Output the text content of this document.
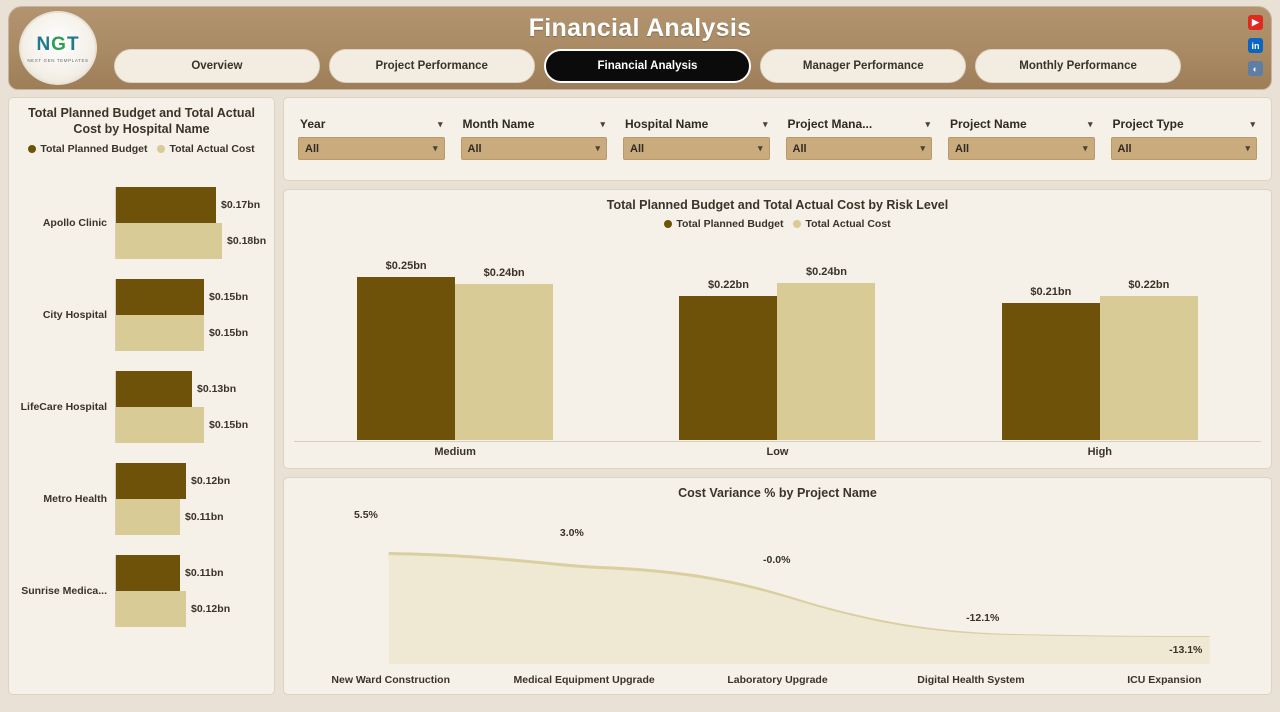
NGT
NEXT GEN TEMPLATES
Financial Analysis
Overview	Project Performance	Financial Analysis	Manager Performance	Monthly Performance
▶
in
◐
Total Planned Budget and Total Actual
Cost by Hospital Name
Total Planned Budget Total Actual Cost
Apollo Clinic
$0.17bn
$0.18bn
City Hospital
$0.15bn
$0.15bn
LifeCare Hospital
$0.13bn
$0.15bn
Metro Health
$0.12bn
$0.11bn
Sunrise Medica...
$0.11bn
$0.12bn
Year	▾
All	▾
Month Name	▾
All	▾
Hospital Name	▾
All	▾
Project Mana...	▾
All	▾
Project Name	▾
All	▾
Project Type	▾
All	▾
Total Planned Budget and Total Actual Cost by Risk Level
Total Planned Budget Total Actual Cost
$0.25bn
$0.24bn
$0.22bn
$0.24bn
$0.21bn
$0.22bn
Medium	Low	High
Cost Variance % by Project Name
5.5%
3.0%
-0.0%
-12.1%
-13.1%
New Ward Construction	Medical Equipment Upgrade	Laboratory Upgrade	Digital Health System	ICU Expansion
